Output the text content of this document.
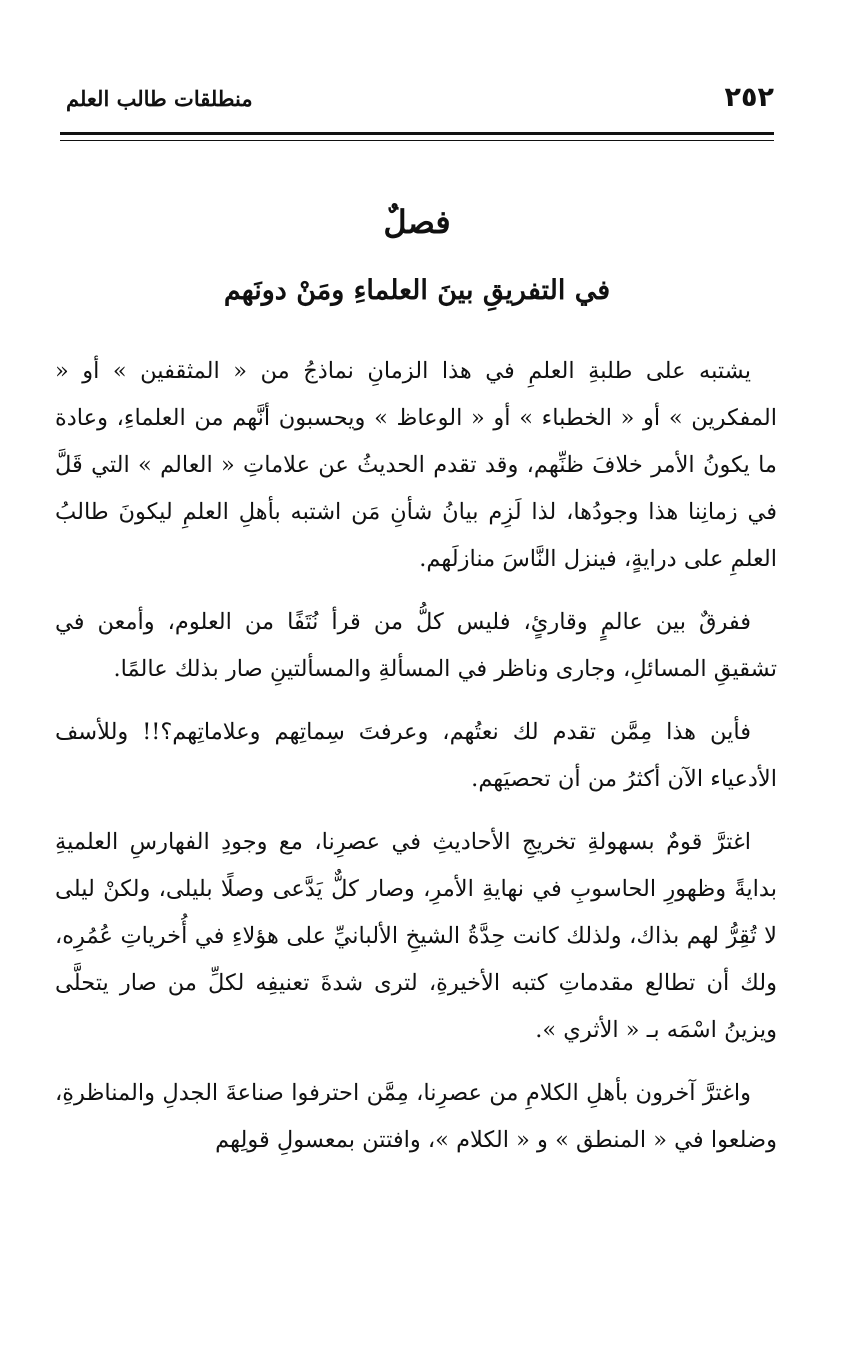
٢٥٢
منطلقات طالب العلم
فصلٌ
في التفريقِ بينَ العلماءِ ومَنْ دونَهم

يشتبه على طلبةِ العلمِ في هذا الزمانِ نماذجُ من « المثقفين » أو « المفكرين » أو « الخطباء » أو « الوعاظ » ويحسبون أنَّهم من العلماءِ، وعادة ما يكونُ الأمر خلافَ ظنِّهم، وقد تقدم الحديثُ عن علاماتِ « العالم » التي قَلَّ في زمانِنا هذا وجودُها، لذا لَزِم بيانُ شأنِ مَن اشتبه بأهلِ العلمِ ليكونَ طالبُ العلمِ على درايةٍ، فينزل النَّاسَ منازلَهم.

ففرقٌ بين عالمٍ وقارئٍ، فليس كلُّ من قرأ نُتَفًا من العلوم، وأمعن في تشقيقِ المسائلِ، وجارى وناظر في المسألةِ والمسألتينِ صار بذلك عالمًا.

فأين هذا مِمَّن تقدم لك نعتُهم، وعرفتَ سِماتِهم وعلاماتِهم؟!! وللأسف الأدعياء الآن أكثرُ من أن تحصيَهم.

اغترَّ قومٌ بسهولةِ تخريجِ الأحاديثِ في عصرِنا، مع وجودِ الفهارسِ العلميةِ بدايةً وظهورِ الحاسوبِ في نهايةِ الأمرِ، وصار كلٌّ يَدَّعى وصلًا بليلى، ولكنْ ليلى لا تُقِرُّ لهم بذاك، ولذلك كانت حِدَّةُ الشيخِ الألبانيِّ على هؤلاءِ في أُخرياتِ عُمُرِه، ولك أن تطالع مقدماتِ كتبه الأخيرةِ، لترى شدةَ تعنيفِه لكلِّ من صار يتحلَّى ويزينُ اسْمَه بـ « الأثري ».

واغترَّ آخرون بأهلِ الكلامِ من عصرِنا، مِمَّن احترفوا صناعةَ الجدلِ والمناظرةِ، وضلعوا في « المنطق » و « الكلام »، وافتتن بمعسولِ قولِهم
